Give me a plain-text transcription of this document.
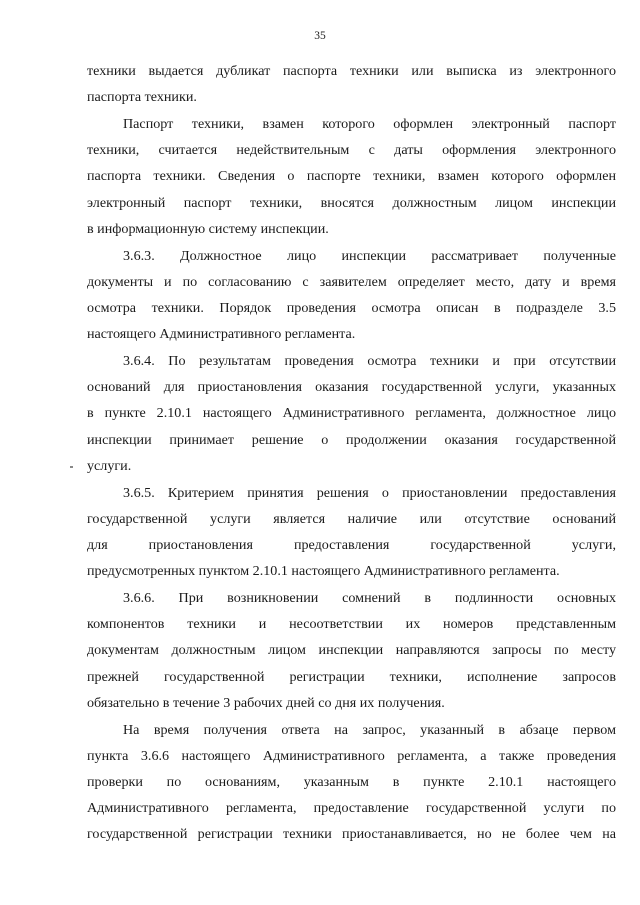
35
техники выдается дубликат паспорта техники или выписка из электронного
паспорта техники.
Паспорт техники, взамен которого оформлен электронный паспорт
техники, считается недействительным с даты оформления электронного
паспорта техники. Сведения о паспорте техники, взамен которого оформлен
электронный паспорт техники, вносятся должностным лицом инспекции
в информационную систему инспекции.
3.6.3. Должностное лицо инспекции рассматривает полученные
документы и по согласованию с заявителем определяет место, дату и время
осмотра техники. Порядок проведения осмотра описан в подразделе 3.5
настоящего Административного регламента.
3.6.4. По результатам проведения осмотра техники и при отсутствии
оснований для приостановления оказания государственной услуги, указанных
в пункте 2.10.1 настоящего Административного регламента, должностное лицо
инспекции принимает решение о продолжении оказания государственной
услуги.
3.6.5. Критерием принятия решения о приостановлении предоставления
государственной услуги является наличие или отсутствие оснований
для приостановления предоставления государственной услуги,
предусмотренных пунктом 2.10.1 настоящего Административного регламента.
3.6.6. При возникновении сомнений в подлинности основных
компонентов техники и несоответствии их номеров представленным
документам должностным лицом инспекции направляются запросы по месту
прежней государственной регистрации техники, исполнение запросов
обязательно в течение 3 рабочих дней со дня их получения.
На время получения ответа на запрос, указанный в абзаце первом
пункта 3.6.6 настоящего Административного регламента, а также проведения
проверки по основаниям, указанным в пункте 2.10.1 настоящего
Административного регламента, предоставление государственной услуги по
государственной регистрации техники приостанавливается, но не более чем на
